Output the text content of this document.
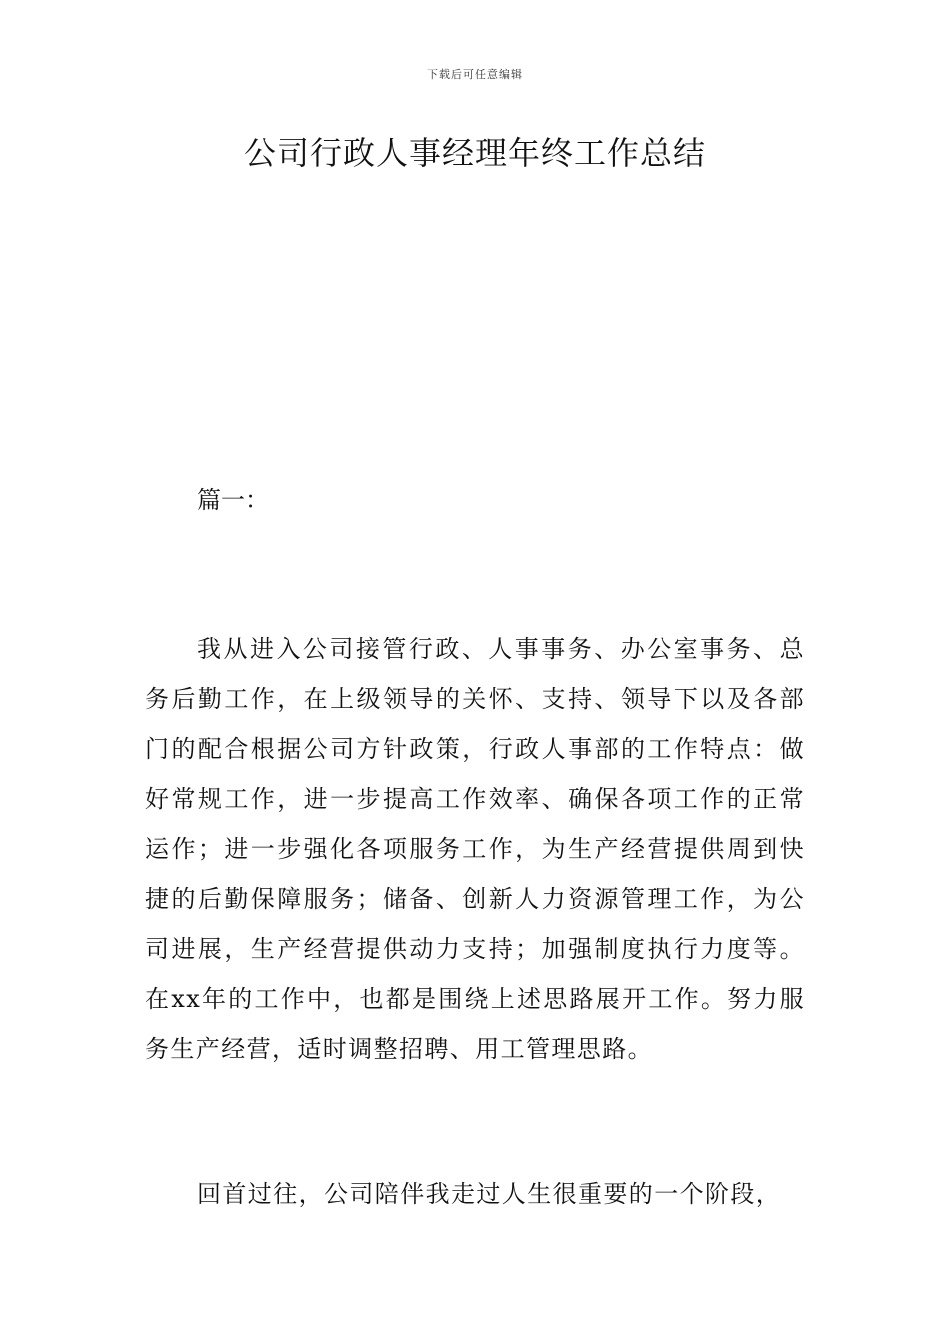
下载后可任意编辑
公司行政人事经理年终工作总结

篇一：

我从进入公司接管行政、人事事务、办公室事务、总务后勤工作，在上级领导的关怀、支持、领导下以及各部门的配合根据公司方针政策，行政人事部的工作特点：做好常规工作，进一步提高工作效率、确保各项工作的正常运作；进一步强化各项服务工作，为生产经营提供周到快捷的后勤保障服务；储备、创新人力资源管理工作，为公司进展，生产经营提供动力支持；加强制度执行力度等。在xx年的工作中，也都是围绕上述思路展开工作。努力服务生产经营，适时调整招聘、用工管理思路。

回首过往，公司陪伴我走过人生很重要的一个阶段，
